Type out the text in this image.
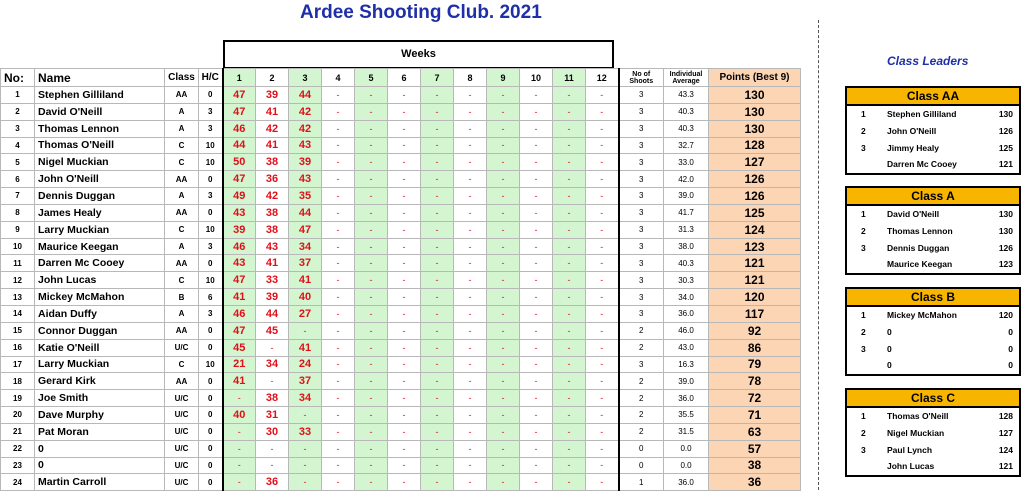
Ardee Shooting Club. 2021
Weeks
No:	Name	Class	H/C	1	2	3	4	5	6	7	8	9	10	11	12	No of Shoots	Individual Average	Points (Best 9)
1	Stephen Gilliland	AA	0	47	39	44	-	-	-	-	-	-	-	-	-	3	43.3	130
2	David O'Neill	A	3	47	41	42	-	-	-	-	-	-	-	-	-	3	40.3	130
3	Thomas Lennon	A	3	46	42	42	-	-	-	-	-	-	-	-	-	3	40.3	130
4	Thomas O'Neill	C	10	44	41	43	-	-	-	-	-	-	-	-	-	3	32.7	128
5	Nigel Muckian	C	10	50	38	39	-	-	-	-	-	-	-	-	-	3	33.0	127
6	John O'Neill	AA	0	47	36	43	-	-	-	-	-	-	-	-	-	3	42.0	126
7	Dennis Duggan	A	3	49	42	35	-	-	-	-	-	-	-	-	-	3	39.0	126
8	James Healy	AA	0	43	38	44	-	-	-	-	-	-	-	-	-	3	41.7	125
9	Larry Muckian	C	10	39	38	47	-	-	-	-	-	-	-	-	-	3	31.3	124
10	Maurice Keegan	A	3	46	43	34	-	-	-	-	-	-	-	-	-	3	38.0	123
11	Darren Mc Cooey	AA	0	43	41	37	-	-	-	-	-	-	-	-	-	3	40.3	121
12	John Lucas	C	10	47	33	41	-	-	-	-	-	-	-	-	-	3	30.3	121
13	Mickey McMahon	B	6	41	39	40	-	-	-	-	-	-	-	-	-	3	34.0	120
14	Aidan Duffy	A	3	46	44	27	-	-	-	-	-	-	-	-	-	3	36.0	117
15	Connor Duggan	AA	0	47	45	-	-	-	-	-	-	-	-	-	-	2	46.0	92
16	Katie O'Neill	U/C	0	45	-	41	-	-	-	-	-	-	-	-	-	2	43.0	86
17	Larry Muckian	C	10	21	34	24	-	-	-	-	-	-	-	-	-	3	16.3	79
18	Gerard Kirk	AA	0	41	-	37	-	-	-	-	-	-	-	-	-	2	39.0	78
19	Joe Smith	U/C	0	-	38	34	-	-	-	-	-	-	-	-	-	2	36.0	72
20	Dave Murphy	U/C	0	40	31	-	-	-	-	-	-	-	-	-	-	2	35.5	71
21	Pat Moran	U/C	0	-	30	33	-	-	-	-	-	-	-	-	-	2	31.5	63
22	0	U/C	0	-	-	-	-	-	-	-	-	-	-	-	-	0	0.0	57
23	0	U/C	0	-	-	-	-	-	-	-	-	-	-	-	-	0	0.0	38
24	Martin Carroll	U/C	0	-	36	-	-	-	-	-	-	-	-	-	-	1	36.0	36
Class Leaders
Class AA
1	Stephen Gilliland	130
2	John O'Neill	126
3	Jimmy Healy	125
Darren Mc Cooey	121
Class A
1	David O'Neill	130
2	Thomas Lennon	130
3	Dennis Duggan	126
Maurice Keegan	123
Class B
1	Mickey McMahon	120
2	0	0
3	0	0
0	0
Class C
1	Thomas O'Neill	128
2	Nigel Muckian	127
3	Paul Lynch	124
John Lucas	121
